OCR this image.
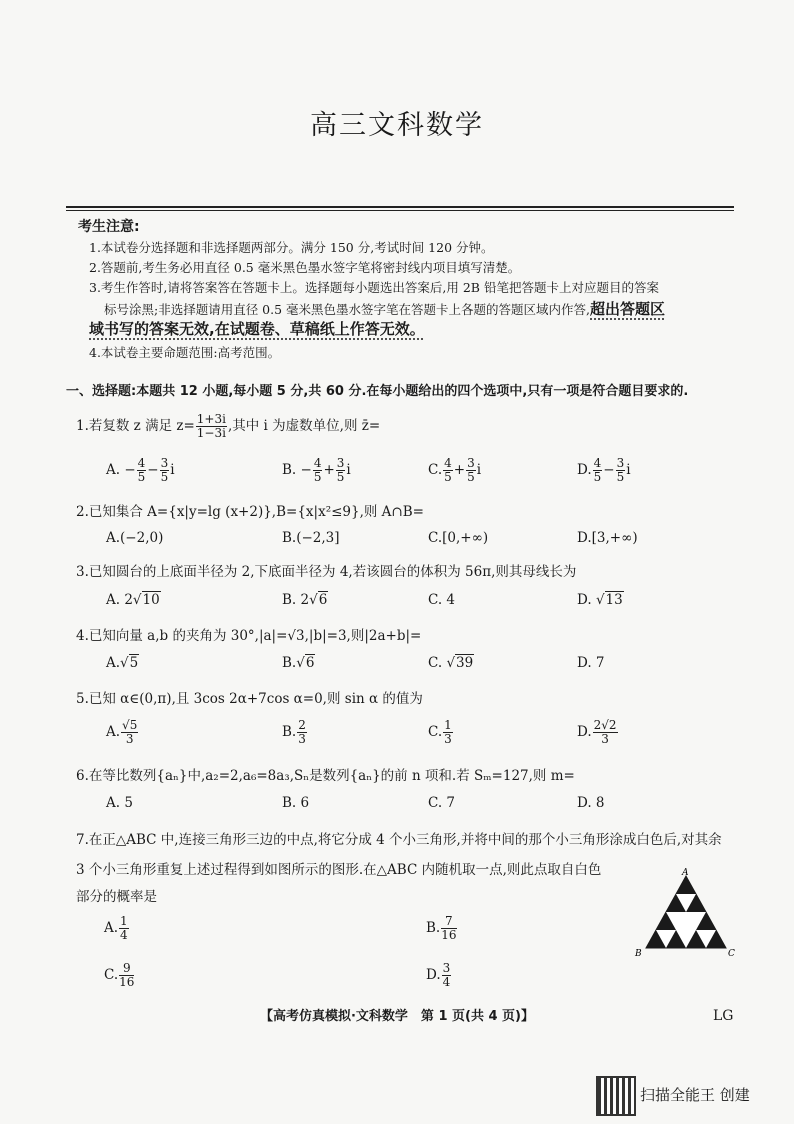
高三文科数学
考生注意:
1.本试卷分选择题和非选择题两部分。满分 150 分,考试时间 120 分钟。
2.答题前,考生务必用直径 0.5 毫米黑色墨水签字笔将密封线内项目填写清楚。
3.考生作答时,请将答案答在答题卡上。选择题每小题选出答案后,用 2B 铅笔把答题卡上对应题目的答案
标号涂黑;非选择题请用直径 0.5 毫米黑色墨水签字笔在答题卡上各题的答题区域内作答,超出答题区
域书写的答案无效,在试题卷、草稿纸上作答无效。
4.本试卷主要命题范围:高考范围。
一、选择题:本题共 12 小题,每小题 5 分,共 60 分.在每小题给出的四个选项中,只有一项是符合题目要求的.
1.若复数 z 满足 $z= \frac{1+3i}{1-3i}$ ,其中 i 为虚数单位,则 z̄=
A. − $\frac{4}{5} - \frac{3}{5}$ i	B. − $\frac{4}{5} + \frac{3}{5}$ i	C. $\frac{4}{5} + \frac{3}{5}$ i	D. $\frac{4}{5} - \frac{3}{5}$ i
2.已知集合 A={x|y=lg (x+2)},B={x|x²≤9},则 A∩B=
A.(−2,0)	B.(−2,3]	C.[0,+∞)	D.[3,+∞)
3.已知圆台的上底面半径为 2,下底面半径为 4,若该圆台的体积为 56π,则其母线长为
A. 2√10	B. 2√6	C. 4	D. √13
4.已知向量 a,b 的夹角为 30°,|a|=√3,|b|=3,则|2a+b|=
A.√5	B.√6	C. √39	D. 7
5.已知 α∈(0,π),且 3cos 2α+7cos α=0,则 sin α 的值为
A. $\frac{√5}{3}$	B. $\frac{2}{3}$	C. $\frac{1}{3}$	D. $\frac{2√2}{3}$
6.在等比数列{aₙ}中,a₂=2,a₆=8a₃,Sₙ是数列{aₙ}的前 n 项和.若 Sₘ=127,则 m=
A. 5	B. 6	C. 7	D. 8
7.在正△ABC 中,连接三角形三边的中点,将它分成 4 个小三角形,并将中间的那个小三角形涂成白色后,对其余
3 个小三角形重复上述过程得到如图所示的图形.在△ABC 内随机取一点,则此点取自白色
部分的概率是
A. $\frac{1}{4}$	B. $\frac{7}{16}$
C. $\frac{9}{16}$	D. $\frac{3}{4}$
A
B	C
【高考仿真模拟·文科数学　第 1 页(共 4 页)】	LG
扫描全能王 创建
